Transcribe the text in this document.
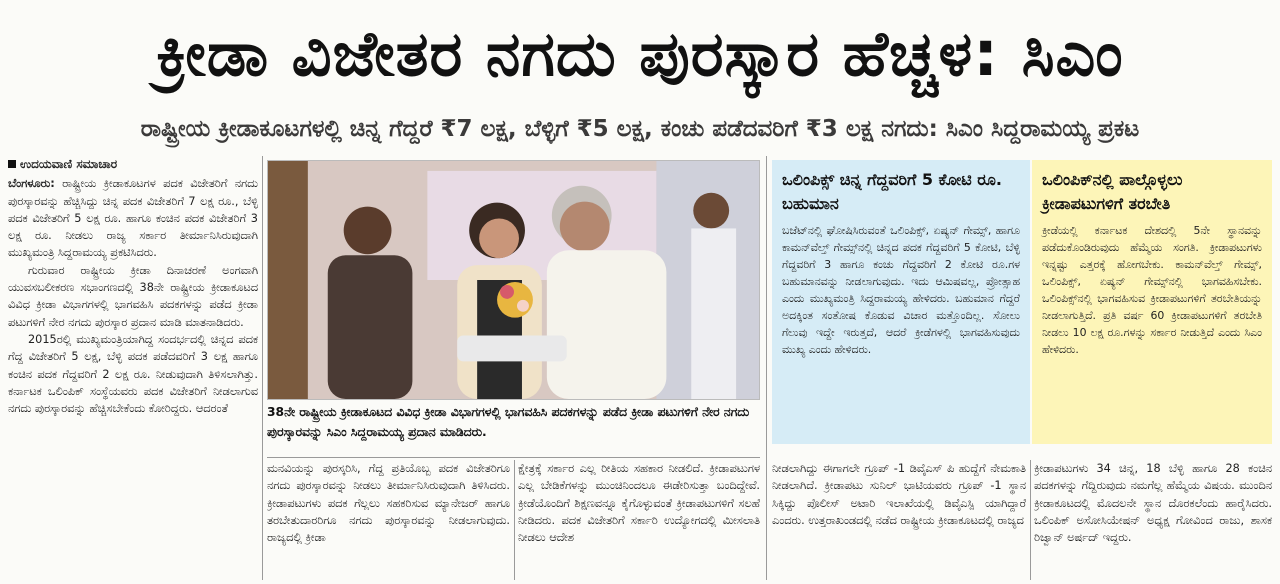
ಕ್ರೀಡಾ ವಿಜೇತರ ನಗದು ಪುರಸ್ಕಾರ ಹೆಚ್ಚಳ: ಸಿಎಂ
ರಾಷ್ಟ್ರೀಯ ಕ್ರೀಡಾಕೂಟಗಳಲ್ಲಿ ಚಿನ್ನ ಗೆದ್ದರೆ ₹7 ಲಕ್ಷ, ಬೆಳ್ಳಿಗೆ ₹5 ಲಕ್ಷ, ಕಂಚು ಪಡೆದವರಿಗೆ ₹3 ಲಕ್ಷ ನಗದು: ಸಿಎಂ ಸಿದ್ದರಾಮಯ್ಯ ಪ್ರಕಟ
ಉದಯವಾಣಿ ಸಮಾಚಾರ

ಬೆಂಗಳೂರು: ರಾಷ್ಟ್ರೀಯ ಕ್ರೀಡಾಕೂಟಗಳ ಪದಕ ವಿಜೇತರಿಗೆ ನಗದು ಪುರಸ್ಕಾರವನ್ನು ಹೆಚ್ಚಿಸಿದ್ದು ಚಿನ್ನ ಪದಕ ವಿಜೇತರಿಗೆ 7 ಲಕ್ಷ ರೂ., ಬೆಳ್ಳಿ ಪದಕ ವಿಜೇತರಿಗೆ 5 ಲಕ್ಷ ರೂ. ಹಾಗೂ ಕಂಚಿನ ಪದಕ ವಿಜೇತರಿಗೆ 3 ಲಕ್ಷ ರೂ. ನೀಡಲು ರಾಜ್ಯ ಸರ್ಕಾರ ತೀರ್ಮಾನಿಸಿರುವುದಾಗಿ ಮುಖ್ಯಮಂತ್ರಿ ಸಿದ್ದರಾಮಯ್ಯ ಪ್ರಕಟಿಸಿದರು.

ಗುರುವಾರ ರಾಷ್ಟ್ರೀಯ ಕ್ರೀಡಾ ದಿನಾಚರಣೆ ಅಂಗವಾಗಿ ಯುವಸಬಲೀಕರಣ ಸಭಾಂಗಣದಲ್ಲಿ 38ನೇ ರಾಷ್ಟ್ರೀಯ ಕ್ರೀಡಾಕೂಟದ ವಿವಿಧ ಕ್ರೀಡಾ ವಿಭಾಗಗಳಲ್ಲಿ ಭಾಗವಹಿಸಿ ಪದಕಗಳನ್ನು ಪಡೆದ ಕ್ರೀಡಾ ಪಟುಗಳಿಗೆ ನೇರ ನಗದು ಪುರಸ್ಕಾರ ಪ್ರದಾನ ಮಾಡಿ ಮಾತನಾಡಿದರು.

2015ರಲ್ಲಿ ಮುಖ್ಯಮಂತ್ರಿಯಾಗಿದ್ದ ಸಂದರ್ಭದಲ್ಲಿ ಚಿನ್ನದ ಪದಕ ಗೆದ್ದ ವಿಜೇತರಿಗೆ 5 ಲಕ್ಷ, ಬೆಳ್ಳಿ ಪದಕ ಪಡೆದವರಿಗೆ 3 ಲಕ್ಷ ಹಾಗೂ ಕಂಚಿನ ಪದಕ ಗೆದ್ದವರಿಗೆ 2 ಲಕ್ಷ ರೂ. ನೀಡುವುದಾಗಿ ತಿಳಿಸಲಾಗಿತ್ತು. ಕರ್ನಾಟಕ ಒಲಿಂಪಿಕ್ ಸಂಸ್ಥೆಯವರು ಪದಕ ವಿಜೇತರಿಗೆ ನೀಡಲಾಗುವ ನಗದು ಪುರಸ್ಕಾರವನ್ನು ಹೆಚ್ಚಿಸಬೇಕೆಂದು ಕೋರಿದ್ದರು. ಆದರಂತೆ	38ನೇ ರಾಷ್ಟ್ರೀಯ ಕ್ರೀಡಾಕೂಟದ ವಿವಿಧ ಕ್ರೀಡಾ ವಿಭಾಗಗಳಲ್ಲಿ ಭಾಗವಹಿಸಿ ಪದಕಗಳನ್ನು ಪಡೆದ ಕ್ರೀಡಾ ಪಟುಗಳಿಗೆ ನೇರ ನಗದು ಪುರಸ್ಕಾರವನ್ನು ಸಿಎಂ ಸಿದ್ದರಾಮಯ್ಯ ಪ್ರದಾನ ಮಾಡಿದರು.
ಮನವಿಯನ್ನು ಪುರಸ್ಕರಿಸಿ, ಗೆದ್ದ ಪ್ರತಿಯೊಬ್ಬ ಪದಕ ವಿಜೇತರಿಗೂ ನಗದು ಪುರಸ್ಕಾರವನ್ನು ನೀಡಲು ತೀರ್ಮಾನಿಸಿರುವುದಾಗಿ ತಿಳಿಸಿದರು. ಕ್ರೀಡಾಪಟುಗಳು ಪದಕ ಗೆಲ್ಲಲು ಸಹಕರಿಸುವ ಮ್ಯಾನೇಜರ್ ಹಾಗೂ ತರಬೇತುದಾರರಿಗೂ ನಗದು ಪುರಸ್ಕಾರವನ್ನು ನೀಡಲಾಗುವುದು. ರಾಜ್ಯದಲ್ಲಿ ಕ್ರೀಡಾ
ಕ್ಷೇತ್ರಕ್ಕೆ ಸರ್ಕಾರ ಎಲ್ಲ ರೀತಿಯ ಸಹಕಾರ ನೀಡಲಿದೆ. ಕ್ರೀಡಾಪಟುಗಳ ಎಲ್ಲ ಬೇಡಿಕೆಗಳನ್ನು ಮುಂಚಿನಿಂದಲೂ ಈಡೇರಿಸುತ್ತಾ ಬಂದಿದ್ದೇವೆ. ಕ್ರೀಡೆಯೊಂದಿಗೆ ಶಿಕ್ಷಣವನ್ನೂ ಕೈಗೊಳ್ಳುವಂತೆ ಕ್ರೀಡಾಪಟುಗಳಿಗೆ ಸಲಹೆ ನೀಡಿದರು. ಪದಕ ವಿಜೇತರಿಗೆ ಸರ್ಕಾರಿ ಉದ್ಯೋಗದಲ್ಲಿ ಮೀಸಲಾತಿ ನೀಡಲು ಆದೇಶ
ನೀಡಲಾಗಿದ್ದು ಈಗಾಗಲೇ ಗ್ರೂಪ್ -1 ಡಿವೈಎಸ್ ಪಿ ಹುದ್ದೆಗೆ ನೇಮಕಾತಿ ನೀಡಲಾಗಿದೆ. ಕ್ರೀಡಾಪಟು ಸುನಿಲ್ ಭಾಟಿಯವರು ಗ್ರೂಪ್ -1 ಸ್ಥಾನ ಸಿಕ್ಕಿದ್ದು ಪೊಲೀಸ್ ಅಟಾರಿ ಇಲಾಖೆಯಲ್ಲಿ ಡಿವೈಎಸ್ಪಿ ಯಾಗಿದ್ದಾರೆ ಎಂದರು. ಉತ್ತರಾಖಂಡದಲ್ಲಿ ನಡೆದ ರಾಷ್ಟ್ರೀಯ ಕ್ರೀಡಾಕೂಟದಲ್ಲಿ ರಾಜ್ಯದ
ಕ್ರೀಡಾಪಟುಗಳು 34 ಚಿನ್ನ, 18 ಬೆಳ್ಳಿ ಹಾಗೂ 28 ಕಂಚಿನ ಪದಕಗಳನ್ನು ಗೆದ್ದಿರುವುದು ನಮಗೆಲ್ಲ ಹೆಮ್ಮೆಯ ವಿಷಯ. ಮುಂದಿನ ಕ್ರೀಡಾಕೂಟದಲ್ಲಿ ಮೊದಲನೇ ಸ್ಥಾನ ದೊರಕಲೆಂದು ಹಾರೈಸಿದರು. ಒಲಿಂಪಿಕ್ ಅಸೋಸಿಯೇಷನ್ ಅಧ್ಯಕ್ಷ ಗೋವಿಂದ ರಾಜು, ಶಾಸಕ ರಿಜ್ವಾನ್ ಅರ್ಷದ್ ಇದ್ದರು.
ಒಲಿಂಪಿಕ್ಸ್ ಚಿನ್ನ ಗೆದ್ದವರಿಗೆ 5 ಕೋಟಿ ರೂ. ಬಹುಮಾನ
ಬಜೆಟ್‌ನಲ್ಲಿ ಘೋಷಿಸಿರುವಂತೆ ಒಲಿಂಪಿಕ್ಸ್, ಏಷ್ಯನ್ ಗೇಮ್ಸ್, ಹಾಗೂ ಕಾಮನ್‌ವೆಲ್ತ್ ಗೇಮ್ಸ್‌ನಲ್ಲಿ ಚಿನ್ನದ ಪದಕ ಗೆದ್ದವರಿಗೆ 5 ಕೋಟಿ, ಬೆಳ್ಳಿ ಗೆದ್ದವರಿಗೆ 3 ಹಾಗೂ ಕಂಚು ಗೆದ್ದವರಿಗೆ 2 ಕೋಟಿ ರೂ.ಗಳ ಬಹುಮಾನವನ್ನು ನೀಡಲಾಗುವುದು. ಇದು ಆಮಿಷವಲ್ಲ, ಪ್ರೋತ್ಸಾಹ ಎಂದು ಮುಖ್ಯಮಂತ್ರಿ ಸಿದ್ದರಾಮಯ್ಯ ಹೇಳಿದರು. ಬಹುಮಾನ ಗೆದ್ದರೆ ಅದಕ್ಕಿಂತ ಸಂತೋಷ ಕೊಡುವ ವಿಚಾರ ಮತ್ತೊಂದಿಲ್ಲ. ಸೋಲು ಗೆಲುವು ಇದ್ದೇ ಇರುತ್ತದೆ, ಆದರೆ ಕ್ರೀಡೆಗಳಲ್ಲಿ ಭಾಗವಹಿಸುವುದು ಮುಖ್ಯ ಎಂದು ಹೇಳಿದರು.
ಒಲಿಂಪಿಕ್‌ನಲ್ಲಿ ಪಾಲ್ಗೊಳ್ಳಲು ಕ್ರೀಡಾಪಟುಗಳಿಗೆ ತರಬೇತಿ
ಕ್ರೀಡೆಯಲ್ಲಿ ಕರ್ನಾಟಕ ದೇಶದಲ್ಲಿ 5ನೇ ಸ್ಥಾನವನ್ನು ಪಡೆದುಕೊಂಡಿರುವುದು ಹೆಮ್ಮೆಯ ಸಂಗತಿ. ಕ್ರೀಡಾಪಟುಗಳು ಇನ್ನಷ್ಟು ಎತ್ತರಕ್ಕೆ ಹೋಗಬೇಕು. ಕಾಮನ್‌ವೆಲ್ತ್ ಗೇಮ್ಸ್, ಒಲಿಂಪಿಕ್ಸ್, ಏಷ್ಯನ್ ಗೇಮ್ಸ್‌ನಲ್ಲಿ ಭಾಗವಹಿಸಬೇಕು. ಒಲಿಂಪಿಕ್ಸ್‌ನಲ್ಲಿ ಭಾಗವಹಿಸುವ ಕ್ರೀಡಾಪಟುಗಳಿಗೆ ತರಬೇತಿಯನ್ನು ನೀಡಲಾಗುತ್ತಿದೆ. ಪ್ರತಿ ವರ್ಷ 60 ಕ್ರೀಡಾಪಟುಗಳಿಗೆ ತರಬೇತಿ ನೀಡಲು 10 ಲಕ್ಷ ರೂ.ಗಳನ್ನು ಸರ್ಕಾರ ನೀಡುತ್ತಿದೆ ಎಂದು ಸಿಎಂ ಹೇಳಿದರು.
